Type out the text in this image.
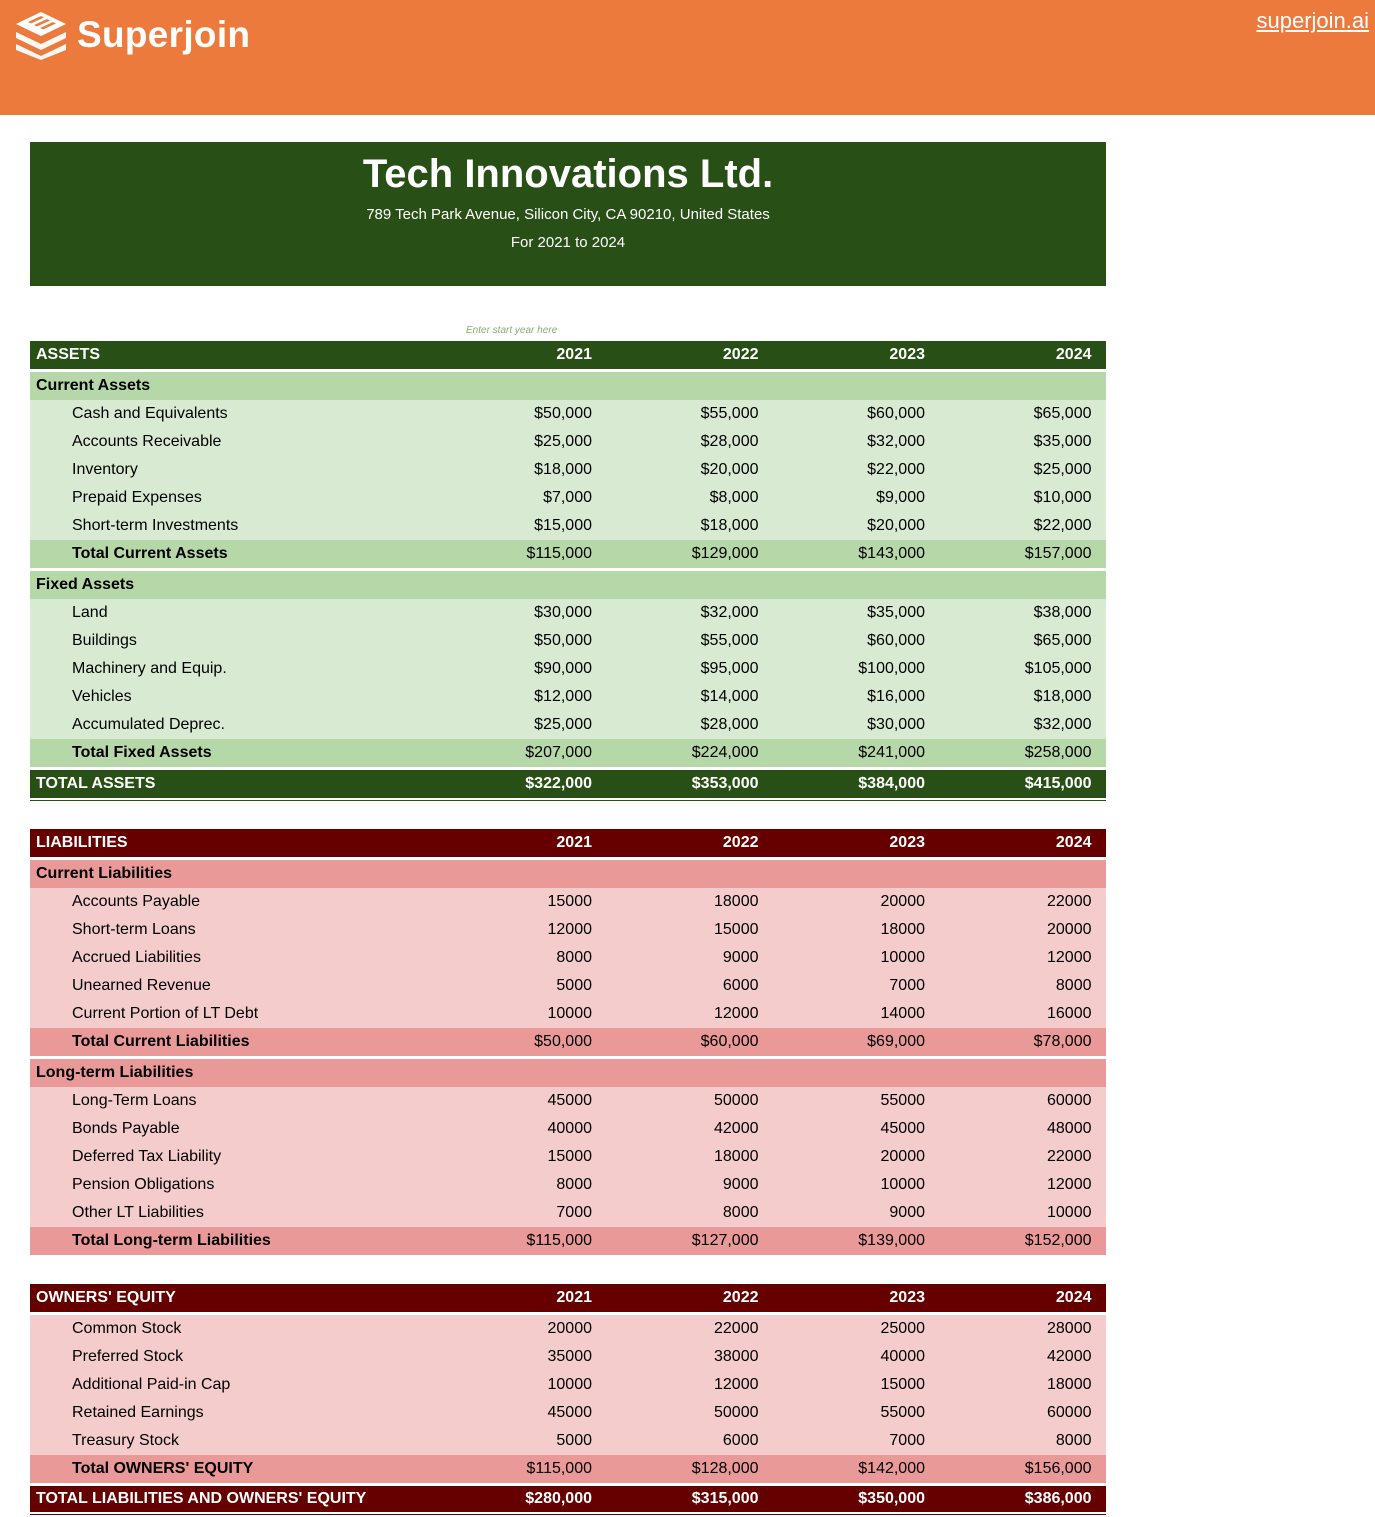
Superjoin	superjoin.ai
Tech Innovations Ltd.
789 Tech Park Avenue, Silicon City, CA 90210, United States
For 2021 to 2024
Enter start year here
ASSETS	2021	2022	2023	2024
Current Assets
Cash and Equivalents	$50,000	$55,000	$60,000	$65,000
Accounts Receivable	$25,000	$28,000	$32,000	$35,000
Inventory	$18,000	$20,000	$22,000	$25,000
Prepaid Expenses	$7,000	$8,000	$9,000	$10,000
Short-term Investments	$15,000	$18,000	$20,000	$22,000
Total Current Assets	$115,000	$129,000	$143,000	$157,000
Fixed Assets
Land	$30,000	$32,000	$35,000	$38,000
Buildings	$50,000	$55,000	$60,000	$65,000
Machinery and Equip.	$90,000	$95,000	$100,000	$105,000
Vehicles	$12,000	$14,000	$16,000	$18,000
Accumulated Deprec.	$25,000	$28,000	$30,000	$32,000
Total Fixed Assets	$207,000	$224,000	$241,000	$258,000
TOTAL ASSETS	$322,000	$353,000	$384,000	$415,000
LIABILITIES	2021	2022	2023	2024
Current Liabilities
Accounts Payable	15000	18000	20000	22000
Short-term Loans	12000	15000	18000	20000
Accrued Liabilities	8000	9000	10000	12000
Unearned Revenue	5000	6000	7000	8000
Current Portion of LT Debt	10000	12000	14000	16000
Total Current Liabilities	$50,000	$60,000	$69,000	$78,000
Long-term Liabilities
Long-Term Loans	45000	50000	55000	60000
Bonds Payable	40000	42000	45000	48000
Deferred Tax Liability	15000	18000	20000	22000
Pension Obligations	8000	9000	10000	12000
Other LT Liabilities	7000	8000	9000	10000
Total Long-term Liabilities	$115,000	$127,000	$139,000	$152,000
OWNERS' EQUITY	2021	2022	2023	2024
Common Stock	20000	22000	25000	28000
Preferred Stock	35000	38000	40000	42000
Additional Paid-in Cap	10000	12000	15000	18000
Retained Earnings	45000	50000	55000	60000
Treasury Stock	5000	6000	7000	8000
Total OWNERS' EQUITY	$115,000	$128,000	$142,000	$156,000
TOTAL LIABILITIES AND OWNERS' EQUITY	$280,000	$315,000	$350,000	$386,000
